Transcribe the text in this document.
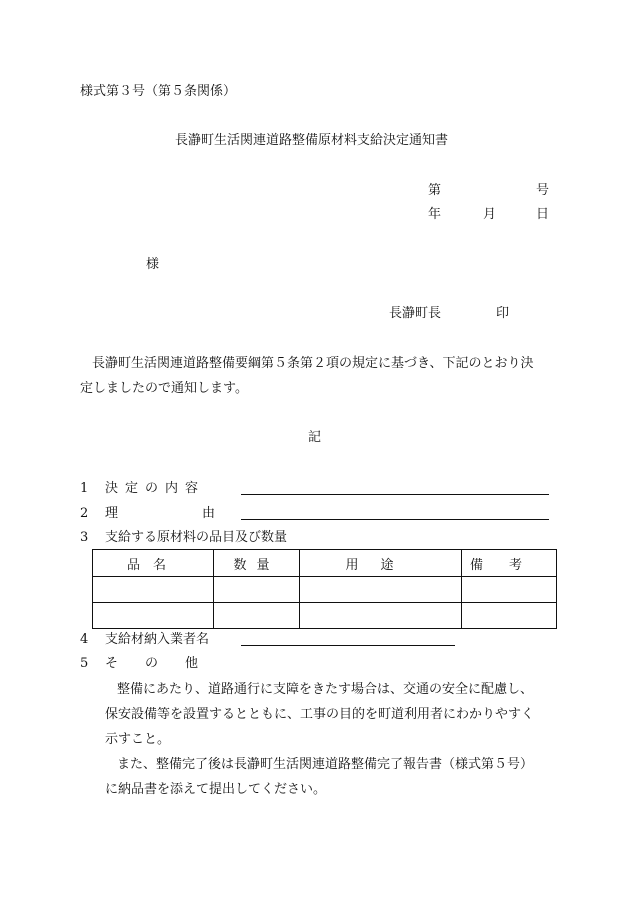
様式第３号（第５条関係）
長瀞町生活関連道路整備原材料支給決定通知書
第	号
年	月	日
様
長瀞町長	印
長瀞町生活関連道路整備要綱第５条第２項の規定に基づき、下記のとおり決
定しましたので通知します。
記
1 決定の内容
2 理	由
3 支給する原材料の品目及び数量
品名	数量	用途	備考

4 支給材納入業者名
5 その他
整備にあたり、道路通行に支障をきたす場合は、交通の安全に配慮し、
保安設備等を設置するとともに、工事の目的を町道利用者にわかりやすく
示すこと。
また、整備完了後は長瀞町生活関連道路整備完了報告書（様式第５号）
に納品書を添えて提出してください。
